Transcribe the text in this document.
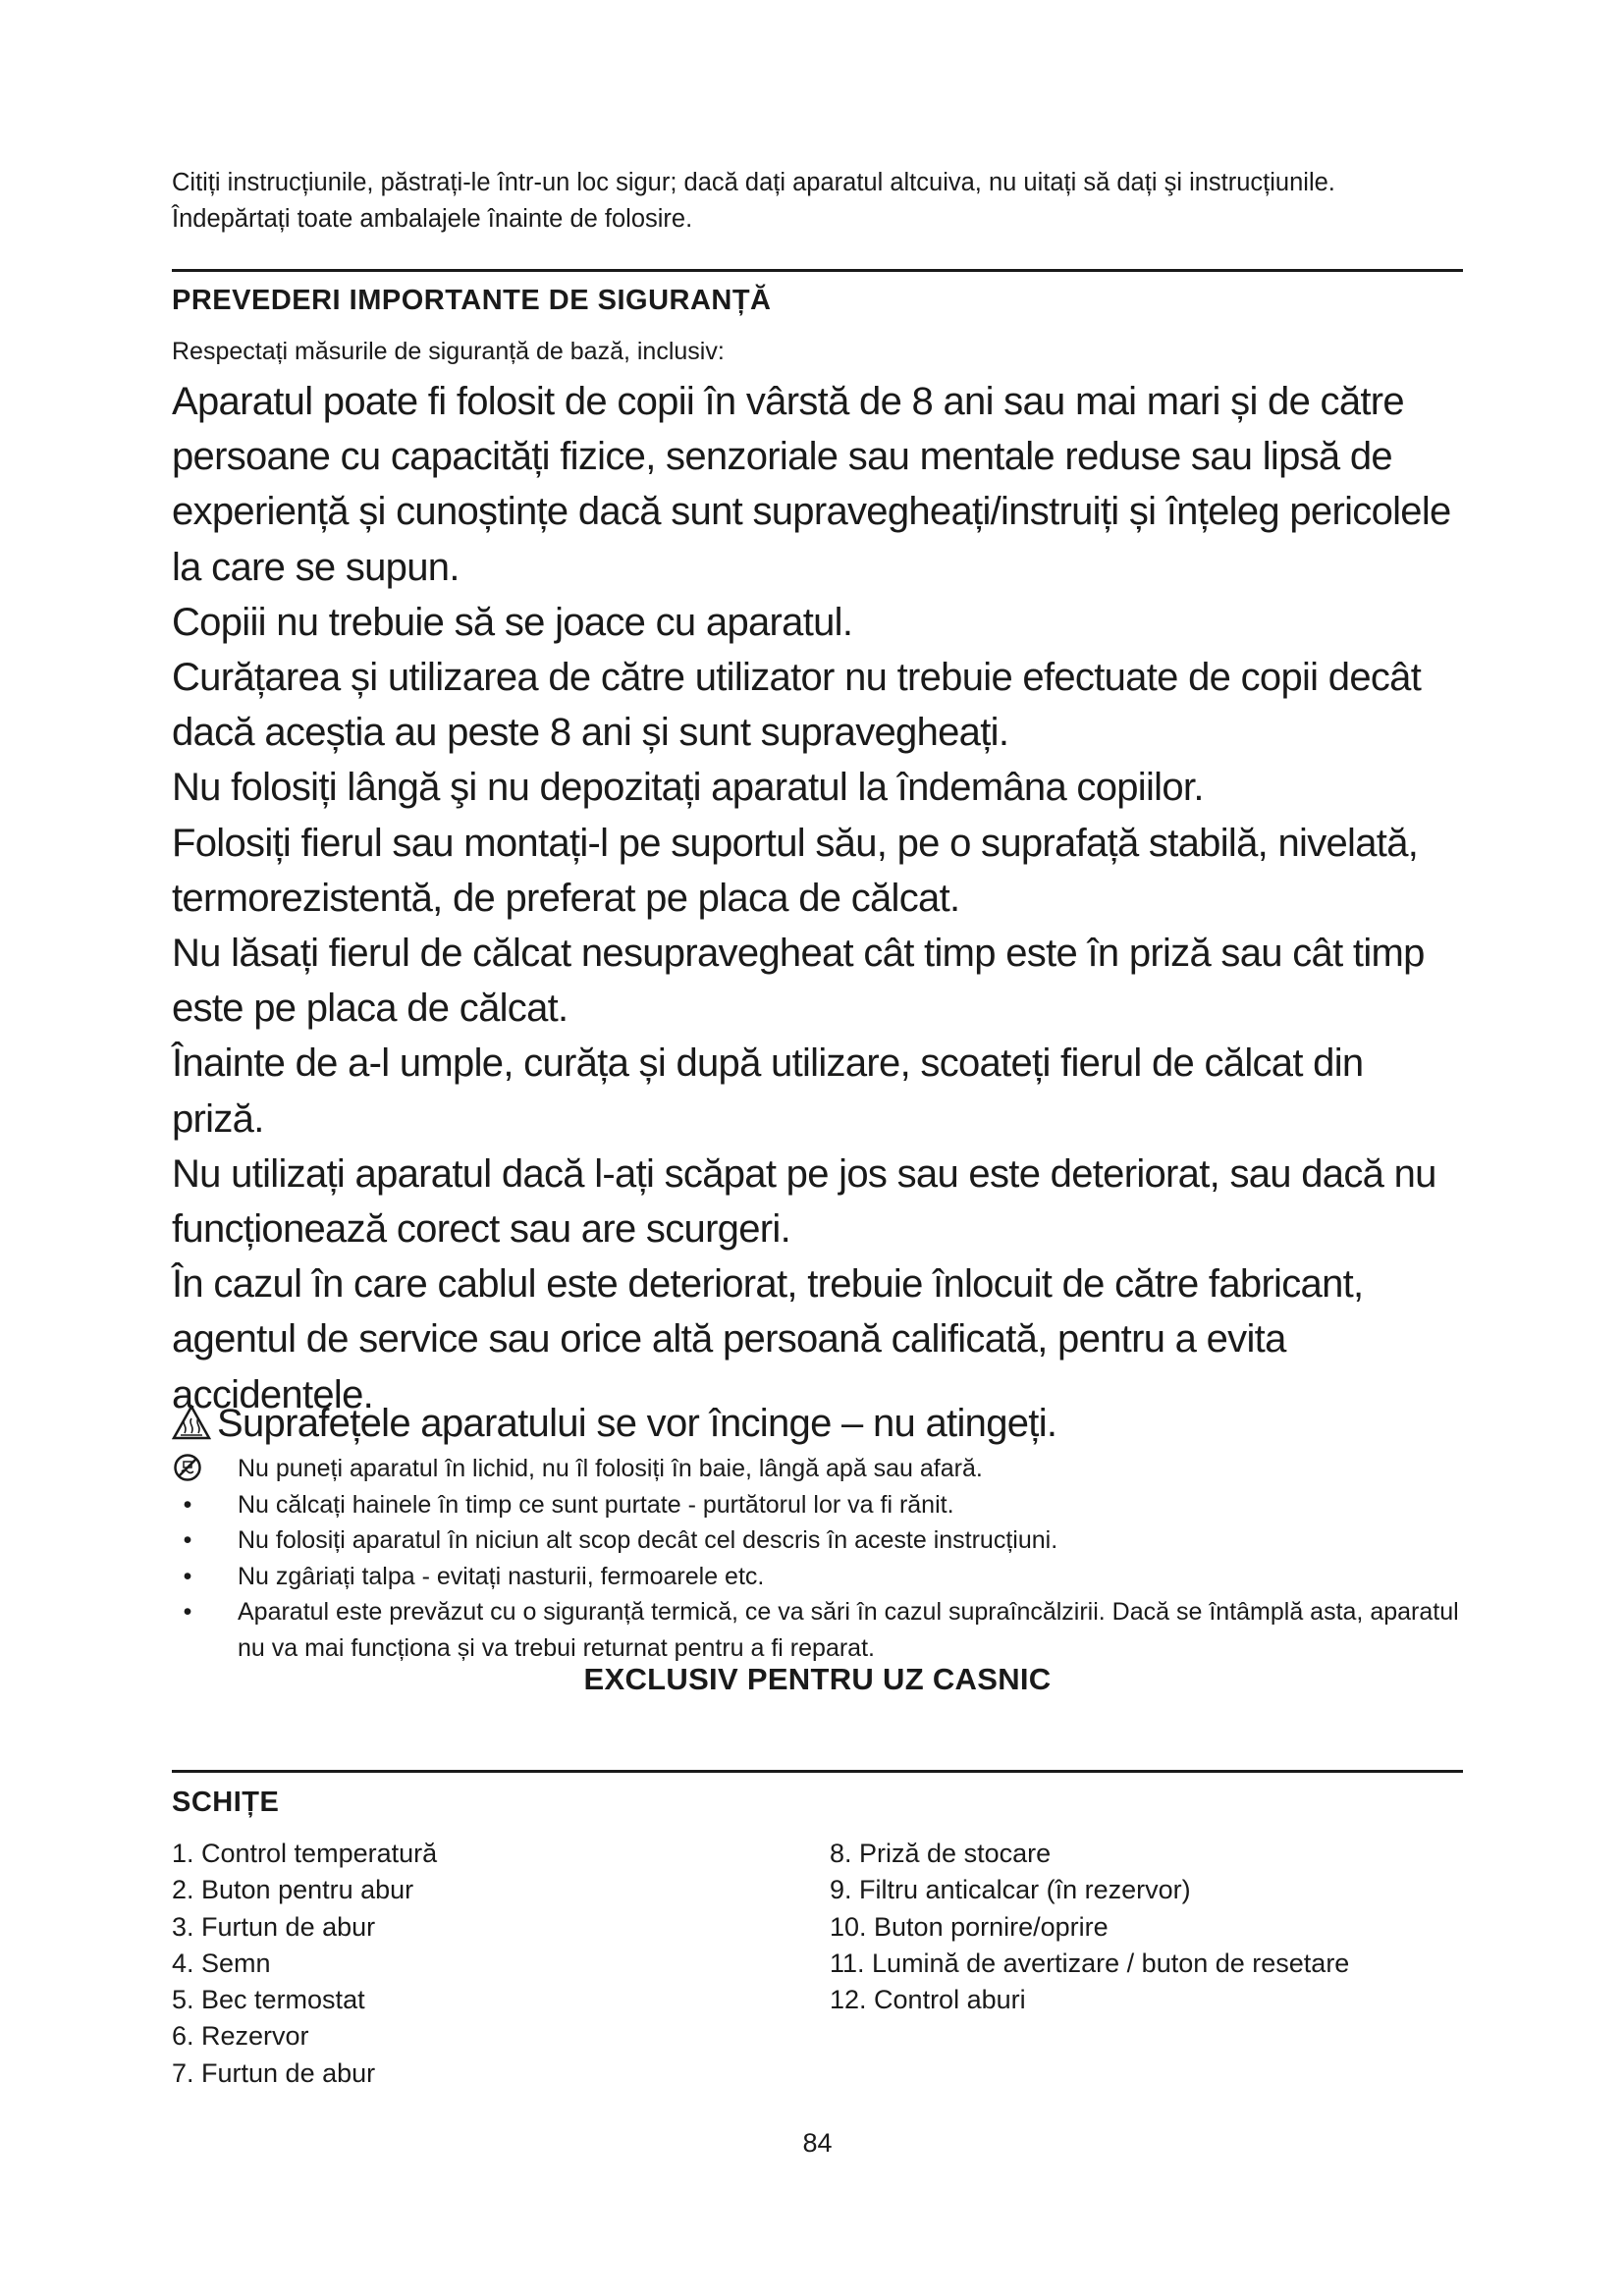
Citiți instrucțiunile, păstrați-le într-un loc sigur; dacă dați aparatul altcuiva, nu uitați să dați şi instrucțiunile.

Îndepărtați toate ambalajele înainte de folosire.

PREVEDERI IMPORTANTE DE SIGURANȚĂ

Respectați măsurile de siguranță de bază, inclusiv:

Aparatul poate fi folosit de copii în vârstă de 8 ani sau mai mari și de către persoane cu capacități fizice, senzoriale sau mentale reduse sau lipsă de experiență și cunoștințe dacă sunt supravegheați/instruiți și înțeleg pericolele la care se supun.

Copiii nu trebuie să se joace cu aparatul.

Curățarea și utilizarea de către utilizator nu trebuie efectuate de copii decât dacă aceștia au peste 8 ani și sunt supravegheați.

Nu folosiți lângă şi nu depozitați aparatul la îndemâna copiilor.

Folosiți fierul sau montați-l pe suportul său, pe o suprafață stabilă, nivelată, termorezistentă, de preferat pe placa de călcat.

Nu lăsați fierul de călcat nesupravegheat cât timp este în priză sau cât timp este pe placa de călcat.

Înainte de a-l umple, curăța și după utilizare, scoateți fierul de călcat din priză.

Nu utilizați aparatul dacă l-ați scăpat pe jos sau este deteriorat, sau dacă nu funcționează corect sau are scurgeri.

În cazul în care cablul este deteriorat, trebuie înlocuit de către fabricant, agentul de service sau orice altă persoană calificată, pentru a evita accidentele.

Suprafețele aparatului se vor încinge – nu atingeți.

Nu puneți aparatul în lichid, nu îl folosiți în baie, lângă apă sau afară.

•	Nu călcați hainele în timp ce sunt purtate - purtătorul lor va fi rănit.

•	Nu folosiți aparatul în niciun alt scop decât cel descris în aceste instrucțiuni.

•	Nu zgâriați talpa - evitați nasturii, fermoarele etc.

•	Aparatul este prevăzut cu o siguranță termică, ce va sări în cazul supraîncălzirii. Dacă se întâmplă asta, aparatul nu va mai funcționa și va trebui returnat pentru a fi reparat.

EXCLUSIV PENTRU UZ CASNIC
SCHIȚE
1. Control temperatură
2. Buton pentru abur
3. Furtun de abur
4. Semn
5. Bec termostat
6. Rezervor
7. Furtun de abur
8. Priză de stocare
9. Filtru anticalcar (în rezervor)
10. Buton pornire/oprire
11. Lumină de avertizare / buton de resetare
12. Control aburi
84
